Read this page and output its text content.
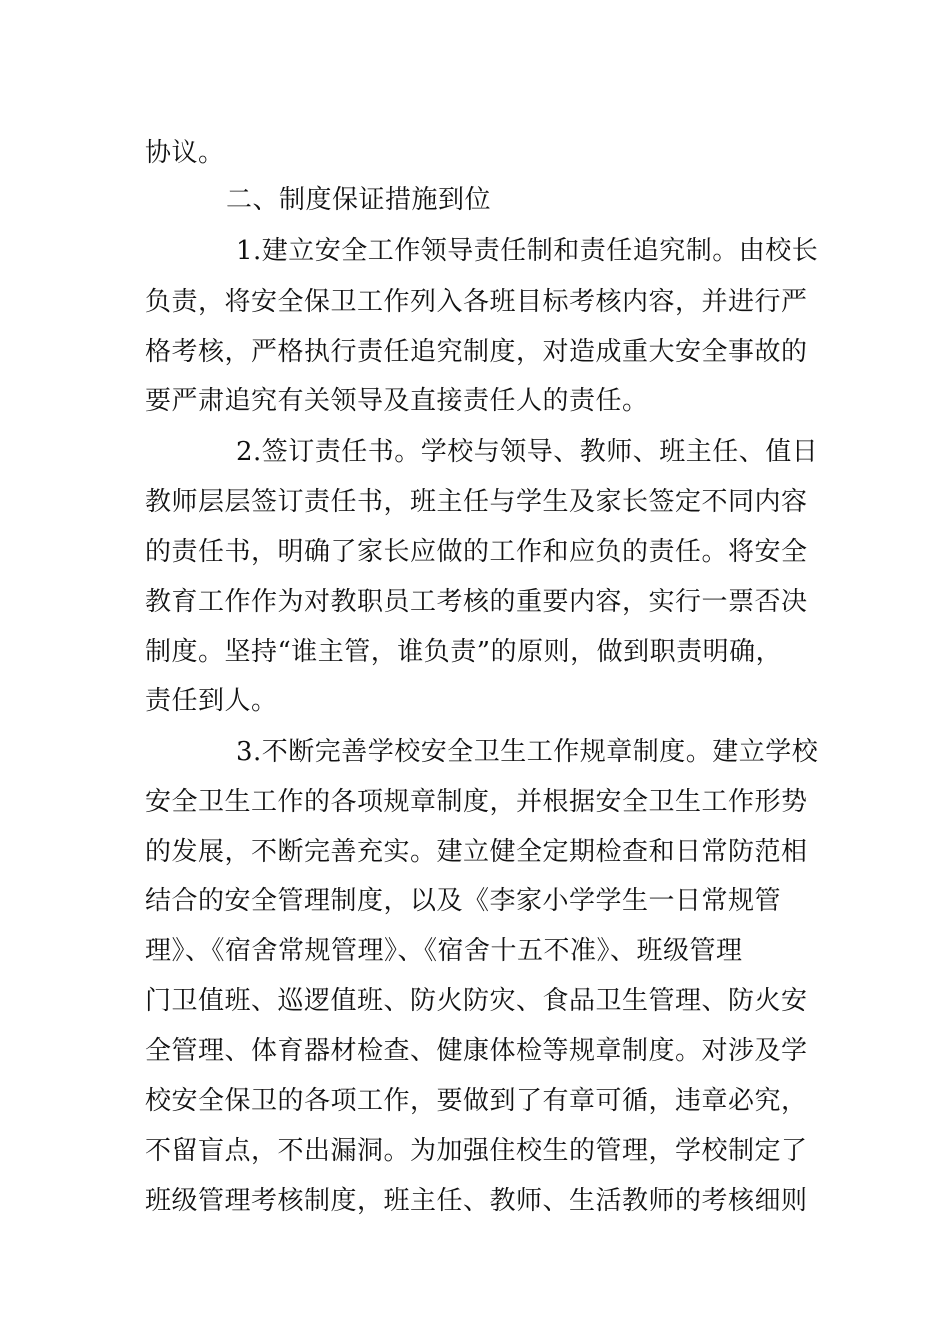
协议。
二、制度保证措施到位
1.建立安全工作领导责任制和责任追究制。由校长
负责，将安全保卫工作列入各班目标考核内容，并进行严
格考核，严格执行责任追究制度，对造成重大安全事故的
要严肃追究有关领导及直接责任人的责任。
2.签订责任书。学校与领导、教师、班主任、值日
教师层层签订责任书，班主任与学生及家长签定不同内容
的责任书，明确了家长应做的工作和应负的责任。将安全
教育工作作为对教职员工考核的重要内容，实行一票否决
制度。坚持“谁主管，谁负责”的原则，做到职责明确，
责任到人。
3.不断完善学校安全卫生工作规章制度。建立学校
安全卫生工作的各项规章制度，并根据安全卫生工作形势
的发展，不断完善充实。建立健全定期检查和日常防范相
结合的安全管理制度，以及《李家小学学生一日常规管
理》、《宿舍常规管理》、《宿舍十五不准》、班级管理
门卫值班、巡逻值班、防火防灾、食品卫生管理、防火安
全管理、体育器材检查、健康体检等规章制度。对涉及学
校安全保卫的各项工作，要做到了有章可循，违章必究，
不留盲点，不出漏洞。为加强住校生的管理，学校制定了
班级管理考核制度，班主任、教师、生活教师的考核细则
